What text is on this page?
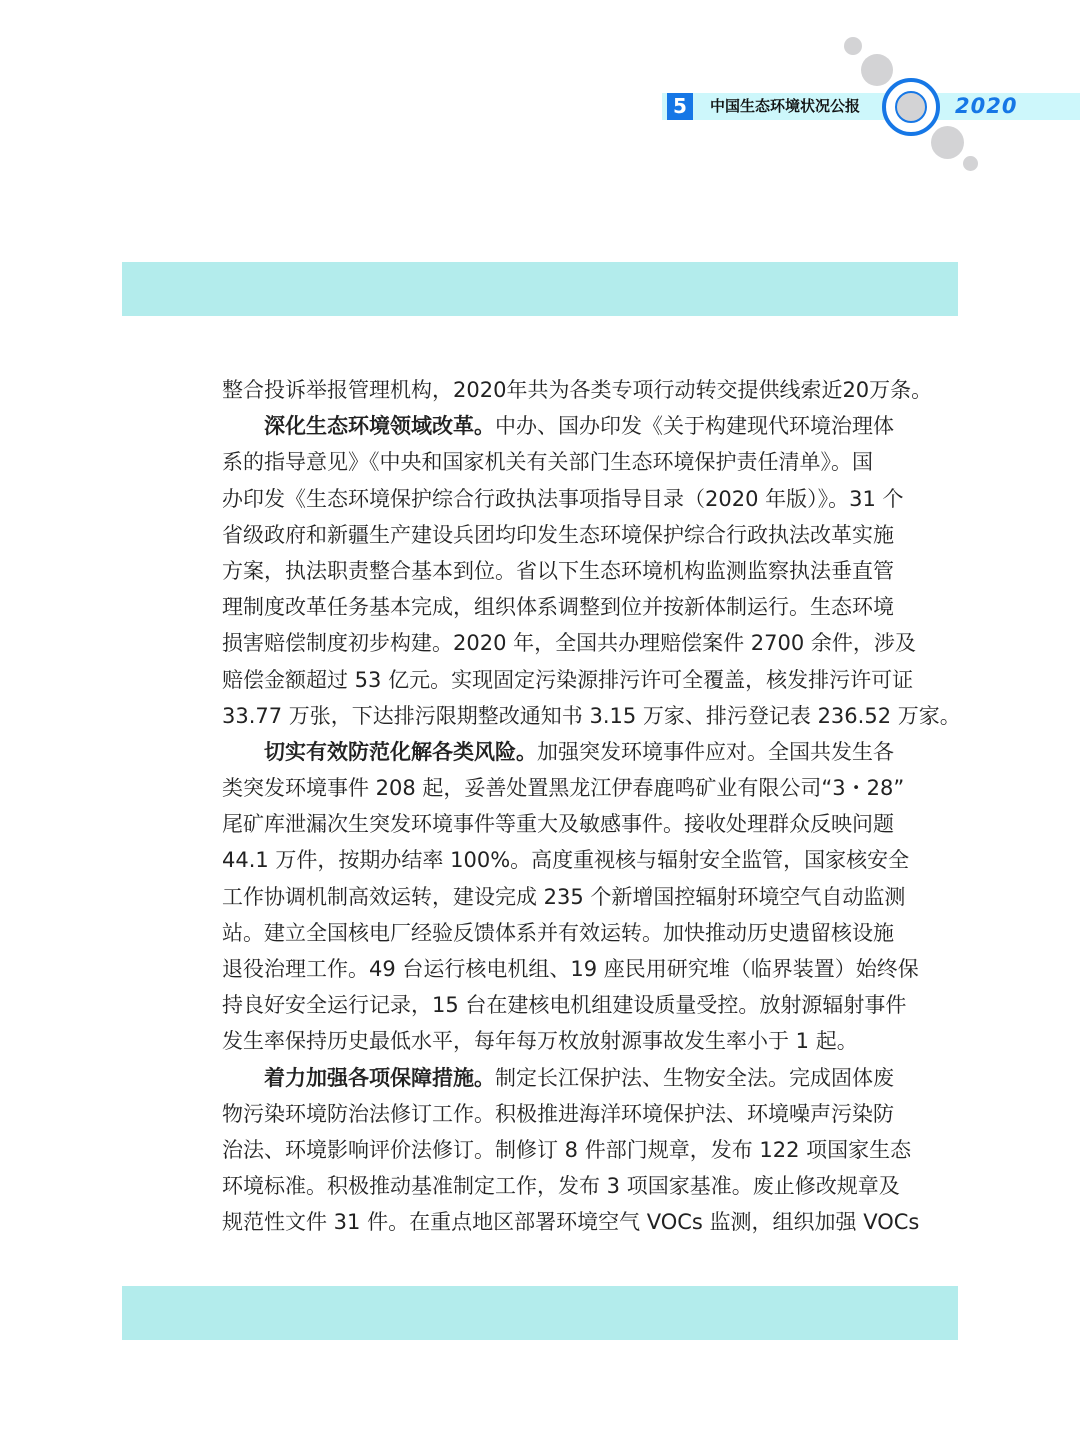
5	中国生态环境状况公报	2020
整合投诉举报管理机构，2020年共为各类专项行动转交提供线索近20万条。
深化生态环境领域改革。中办、国办印发《关于构建现代环境治理体
系的指导意见》《中央和国家机关有关部门生态环境保护责任清单》。国
办印发《生态环境保护综合行政执法事项指导目录（2020 年版）》。31 个
省级政府和新疆生产建设兵团均印发生态环境保护综合行政执法改革实施
方案，执法职责整合基本到位。省以下生态环境机构监测监察执法垂直管
理制度改革任务基本完成，组织体系调整到位并按新体制运行。生态环境
损害赔偿制度初步构建。2020 年，全国共办理赔偿案件 2700 余件，涉及
赔偿金额超过 53 亿元。实现固定污染源排污许可全覆盖，核发排污许可证
33.77 万张，下达排污限期整改通知书 3.15 万家、排污登记表 236.52 万家。
切实有效防范化解各类风险。加强突发环境事件应对。全国共发生各
类突发环境事件 208 起，妥善处置黑龙江伊春鹿鸣矿业有限公司“3・28”
尾矿库泄漏次生突发环境事件等重大及敏感事件。接收处理群众反映问题
44.1 万件，按期办结率 100%。高度重视核与辐射安全监管，国家核安全
工作协调机制高效运转，建设完成 235 个新增国控辐射环境空气自动监测
站。建立全国核电厂经验反馈体系并有效运转。加快推动历史遗留核设施
退役治理工作。49 台运行核电机组、19 座民用研究堆（临界装置）始终保
持良好安全运行记录，15 台在建核电机组建设质量受控。放射源辐射事件
发生率保持历史最低水平，每年每万枚放射源事故发生率小于 1 起。
着力加强各项保障措施。制定长江保护法、生物安全法。完成固体废
物污染环境防治法修订工作。积极推进海洋环境保护法、环境噪声污染防
治法、环境影响评价法修订。制修订 8 件部门规章，发布 122 项国家生态
环境标准。积极推动基准制定工作，发布 3 项国家基准。废止修改规章及
规范性文件 31 件。在重点地区部署环境空气 VOCs 监测，组织加强 VOCs
